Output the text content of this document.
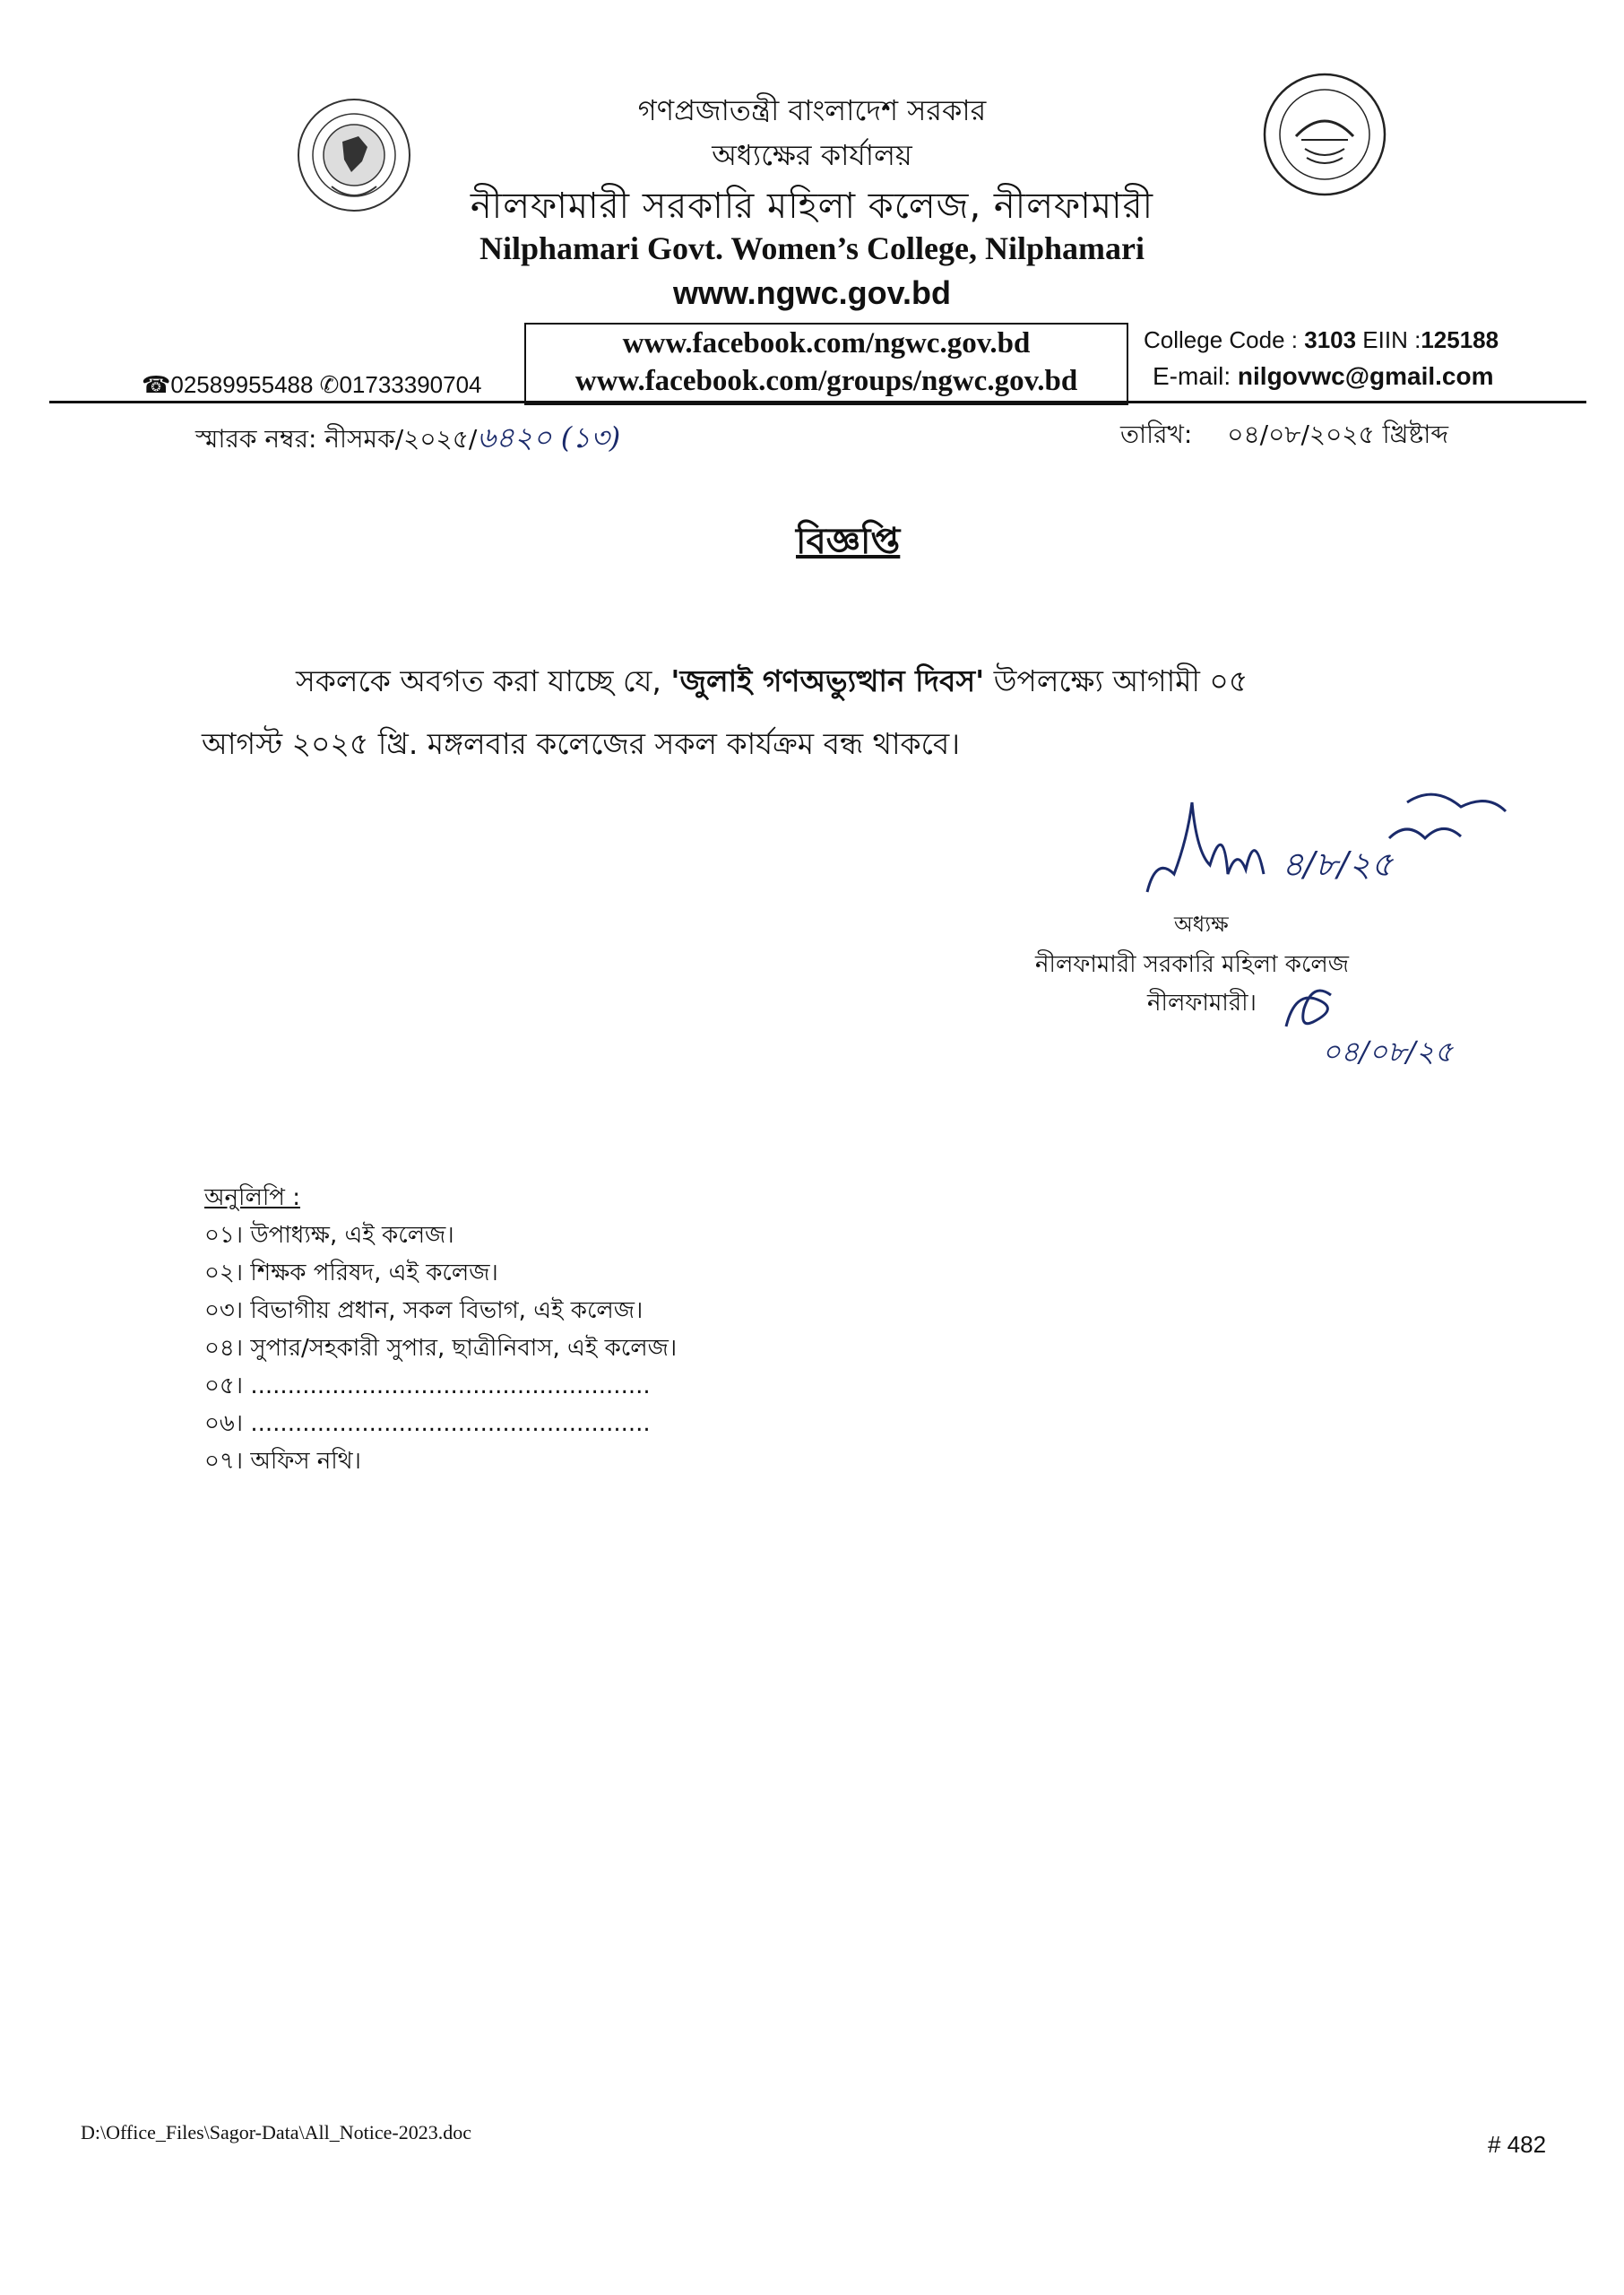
গণপ্রজাতন্ত্রী বাংলাদেশ সরকার
অধ্যক্ষের কার্যালয়
নীলফামারী সরকারি মহিলা কলেজ, নীলফামারী
Nilphamari Govt. Women’s College, Nilphamari
www.ngwc.gov.bd
www.facebook.com/ngwc.gov.bd
www.facebook.com/groups/ngwc.gov.bd
☎02589955488 ✆01733390704
College Code : 3103 EIIN :125188
E-mail: nilgovwc@gmail.com
স্মারক নম্বর: নীসমক/২০২৫/৬৪২০ (১৩)	তারিখ: ০৪/০৮/২০২৫ খ্রিষ্টাব্দ
বিজ্ঞপ্তি
সকলকে অবগত করা যাচ্ছে যে, 'জুলাই গণঅভ্যুত্থান দিবস' উপলক্ষ্যে আগামী ০৫
আগস্ট ২০২৫ খ্রি. মঙ্গলবার কলেজের সকল কার্যক্রম বন্ধ থাকবে।
৪/৮/২৫
অধ্যক্ষ
নীলফামারী সরকারি মহিলা কলেজ
নীলফামারী।
০৪/০৮/২৫
অনুলিপি :
০১। উপাধ্যক্ষ, এই কলেজ।
০২। শিক্ষক পরিষদ, এই কলেজ।
০৩। বিভাগীয় প্রধান, সকল বিভাগ, এই কলেজ।
০৪। সুপার/সহকারী সুপার, ছাত্রীনিবাস, এই কলেজ।
০৫। ......................................................
০৬। ......................................................
০৭। অফিস নথি।
D:\Office_Files\Sagor-Data\All_Notice-2023.doc	# 482
